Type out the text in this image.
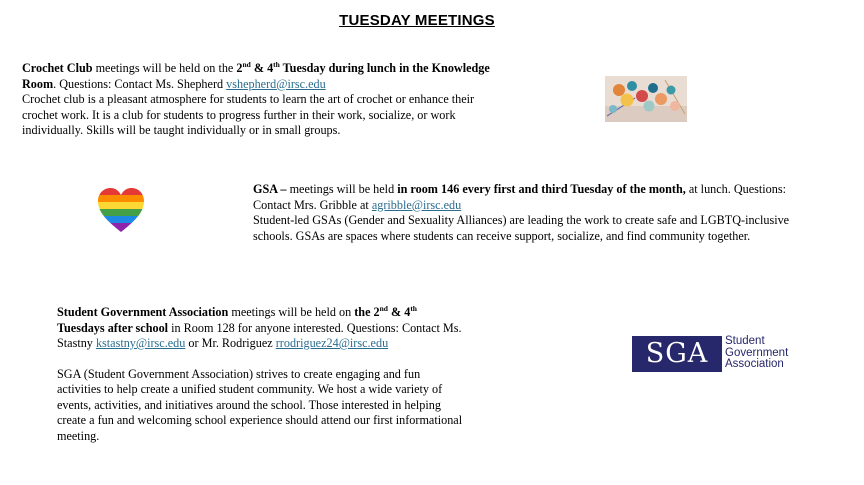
TUESDAY MEETINGS

Crochet Club meetings will be held on the 2nd & 4th Tuesday during lunch in the Knowledge Room. Questions: Contact Ms. Shepherd vshepherd@irsc.edu

Crochet club is a pleasant atmosphere for students to learn the art of crochet or enhance their crochet work. It is a club for students to progress further in their work, socialize, or work individually. Skills will be taught individually or in small groups.

GSA – meetings will be held in room 146 every first and third Tuesday of the month, at lunch. Questions: Contact Mrs. Gribble at agribble@irsc.edu

Student-led GSAs (Gender and Sexuality Alliances) are leading the work to create safe and LGBTQ-inclusive schools. GSAs are spaces where students can receive support, socialize, and find community together.

Student Government Association meetings will be held on the 2nd & 4th Tuesdays after school in Room 128 for anyone interested. Questions: Contact Ms. Stastny kstastny@irsc.edu or Mr. Rodriguez rrodriguez24@irsc.edu

SGA (Student Government Association) strives to create engaging and fun activities to help create a unified student community. We host a wide variety of events, activities, and initiatives around the school. Those interested in helping create a fun and welcoming school experience should attend our first informational meeting.

SGA	Student
Government
Association
